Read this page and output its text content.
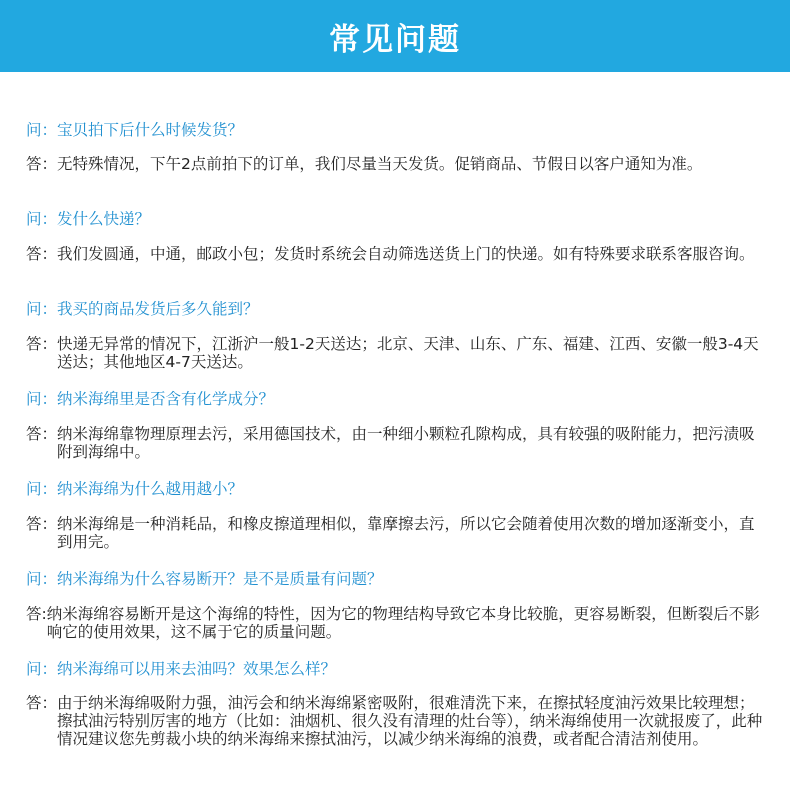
常见问题
问： 宝贝拍下后什么时候发货？
答： 无特殊情况，下午2点前拍下的订单，我们尽量当天发货。促销商品、节假日以客户通知为准。
问： 发什么快递？
答： 我们发圆通，中通，邮政小包；发货时系统会自动筛选送货上门的快递。如有特殊要求联系客服咨询。
问： 我买的商品发货后多久能到？
答： 快递无异常的情况下，江浙沪一般1-2天送达；北京、天津、山东、广东、福建、江西、安徽一般3-4天送达；其他地区4-7天送达。
问： 纳米海绵里是否含有化学成分？
答： 纳米海绵靠物理原理去污，采用德国技术，由一种细小颗粒孔隙构成，具有较强的吸附能力，把污渍吸附到海绵中。
问： 纳米海绵为什么越用越小？
答： 纳米海绵是一种消耗品，和橡皮擦道理相似，靠摩擦去污，所以它会随着使用次数的增加逐渐变小，直到用完。
问： 纳米海绵为什么容易断开？是不是质量有问题？
答: 纳米海绵容易断开是这个海绵的特性，因为它的物理结构导致它本身比较脆，更容易断裂，但断裂后不影响它的使用效果，这不属于它的质量问题。
问： 纳米海绵可以用来去油吗？效果怎么样？
答： 由于纳米海绵吸附力强，油污会和纳米海绵紧密吸附，很难清洗下来，在擦拭轻度油污效果比较理想；擦拭油污特别厉害的地方（比如：油烟机、很久没有清理的灶台等），纳米海绵使用一次就报废了，此种情况建议您先剪裁小块的纳米海绵来擦拭油污，以减少纳米海绵的浪费，或者配合清洁剂使用。
